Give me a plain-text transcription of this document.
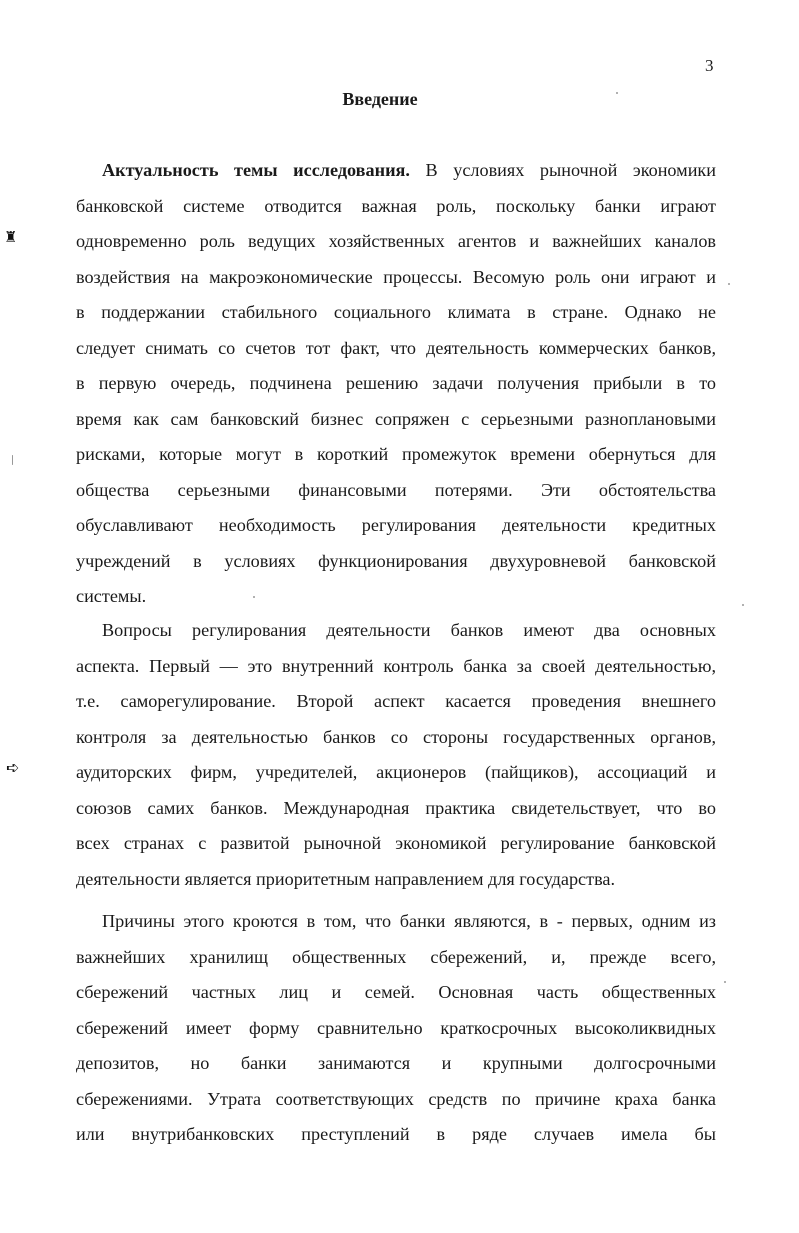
3
Введение
Актуальность темы исследования. В условиях рыночной экономики
банковской системе отводится важная роль, поскольку банки играют
одновременно роль ведущих хозяйственных агентов и важнейших каналов
воздействия на макроэкономические процессы. Весомую роль они играют и
в поддержании стабильного социального климата в стране. Однако не
следует снимать со счетов тот факт, что деятельность коммерческих банков,
в первую очередь, подчинена решению задачи получения прибыли в то
время как сам банковский бизнес сопряжен с серьезными разноплановыми
рисками, которые могут в короткий промежуток времени обернуться для
общества серьезными финансовыми потерями. Эти обстоятельства
обуславливают необходимость регулирования деятельности кредитных
учреждений в условиях функционирования двухуровневой банковской
системы.
Вопросы регулирования деятельности банков имеют два основных
аспекта. Первый — это внутренний контроль банка за своей деятельностью,
т.е. саморегулирование. Второй аспект касается проведения внешнего
контроля за деятельностью банков со стороны государственных органов,
аудиторских фирм, учредителей, акционеров (пайщиков), ассоциаций и
союзов самих банков. Международная практика свидетельствует, что во
всех странах с развитой рыночной экономикой регулирование банковской
деятельности является приоритетным направлением для государства.
Причины этого кроются в том, что банки являются, в - первых, одним из
важнейших хранилищ общественных сбережений, и, прежде всего,
сбережений частных лиц и семей. Основная часть общественных
сбережений имеет форму сравнительно краткосрочных высоколиквидных
депозитов, но банки занимаются и крупными долгосрочными
сбережениями. Утрата соответствующих средств по причине краха банка
или внутрибанковских преступлений в ряде случаев имела бы
♜
➪
